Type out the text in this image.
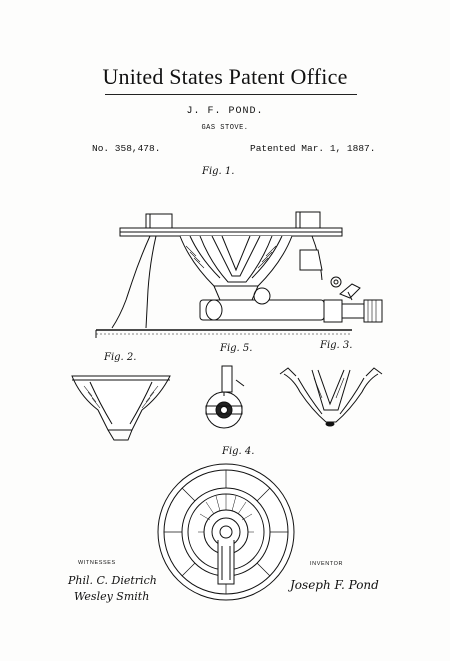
United States Patent Office
J. F. POND.
GAS STOVE.
No. 358,478.	Patented Mar. 1, 1887.
Fig. 1.
Fig. 2.
Fig. 5.	Fig. 3.
Fig. 4.
WITNESSES	INVENTOR
Phil. C. Dietrich
Wesley Smith
Joseph F. Pond
